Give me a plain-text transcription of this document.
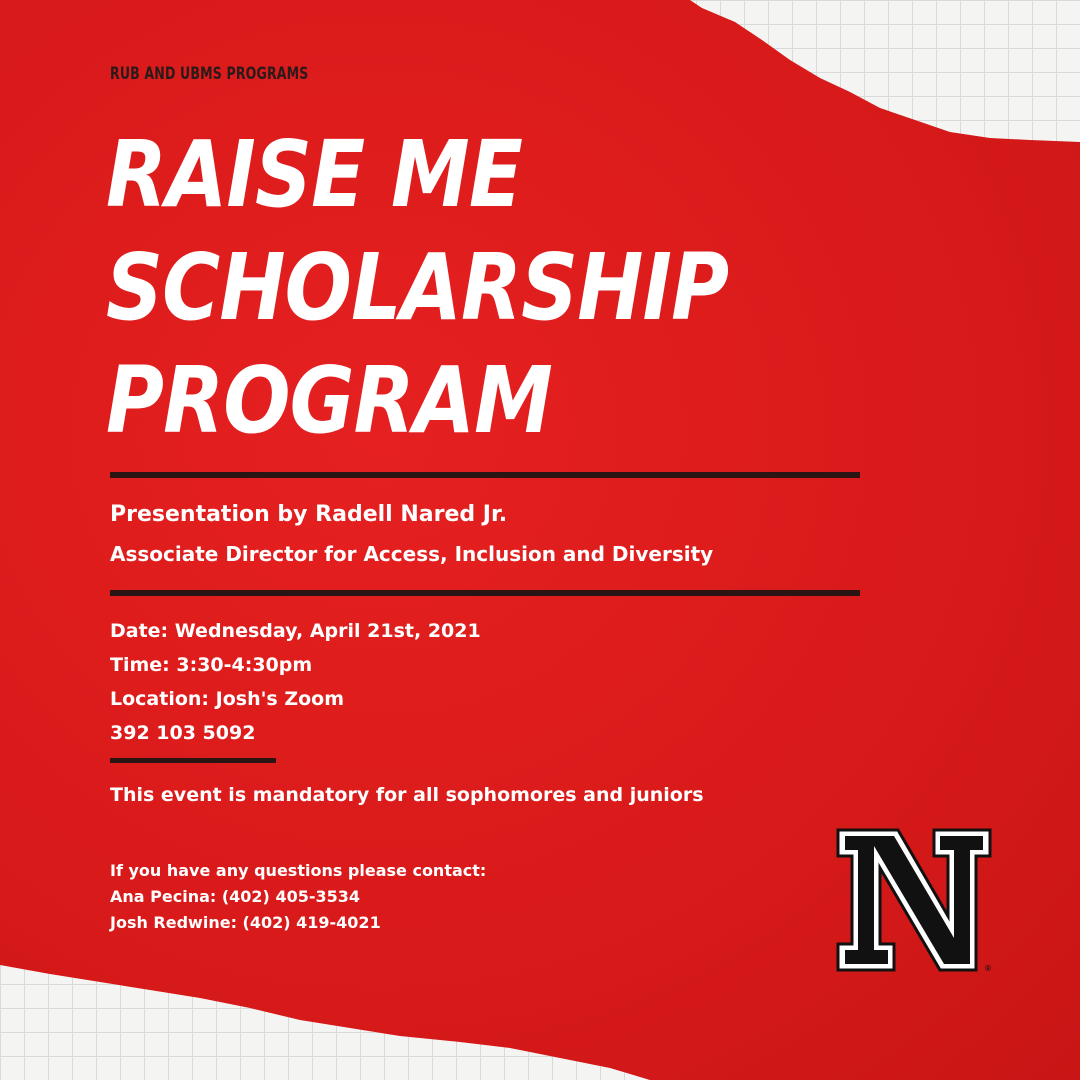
RUB AND UBMS PROGRAMS
RAISE ME
SCHOLARSHIP
PROGRAM
Presentation by Radell Nared Jr.
Associate Director for Access, Inclusion and Diversity
Date: Wednesday, April 21st, 2021
Time: 3:30-4:30pm
Location: Josh's Zoom
392 103 5092
This event is mandatory for all sophomores and juniors
If you have any questions please contact:
Ana Pecina: (402) 405-3534
Josh Redwine: (402) 419-4021
®
